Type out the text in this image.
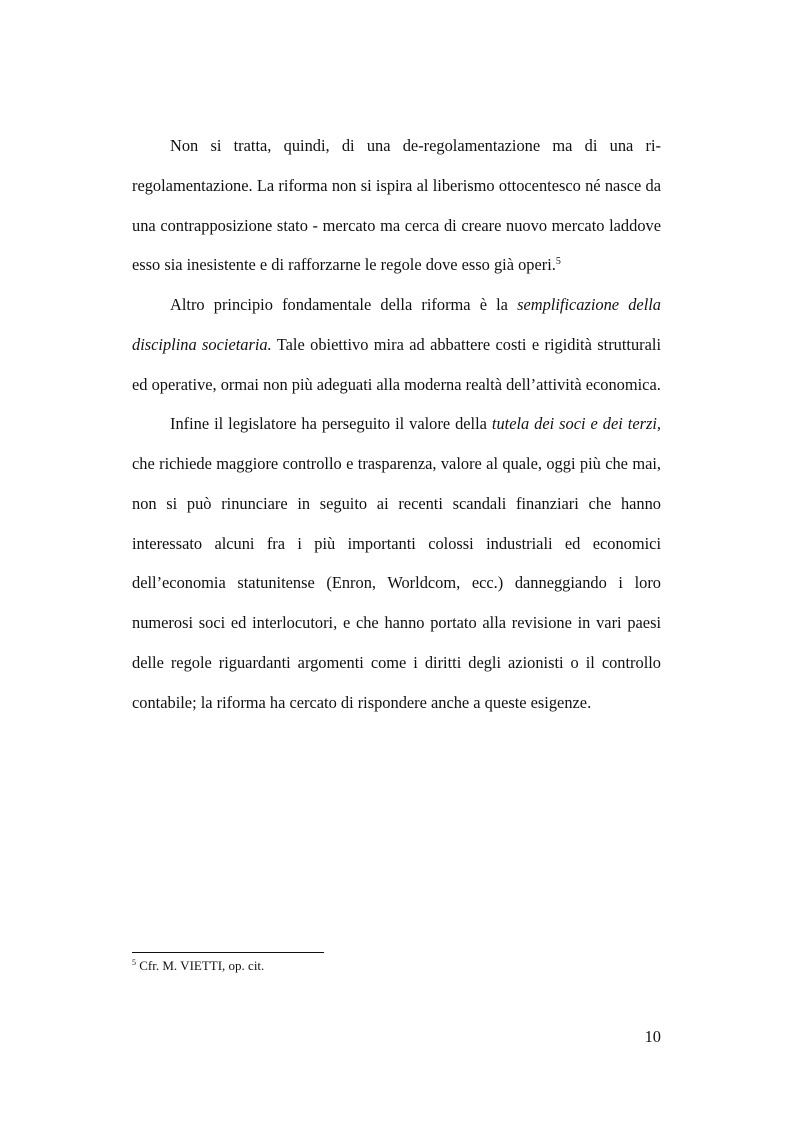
Non si tratta, quindi, di una de-regolamentazione ma di una ri-regolamentazione. La riforma non si ispira al liberismo ottocentesco né nasce da una contrapposizione stato - mercato ma cerca di creare nuovo mercato laddove esso sia inesistente e di rafforzarne le regole dove esso già operi.$^5$

Altro principio fondamentale della riforma è la semplificazione della disciplina societaria. Tale obiettivo mira ad abbattere costi e rigidità strutturali ed operative, ormai non più adeguati alla moderna realtà dell’attività economica.

Infine il legislatore ha perseguito il valore della tutela dei soci e dei terzi, che richiede maggiore controllo e trasparenza, valore al quale, oggi più che mai, non si può rinunciare in seguito ai recenti scandali finanziari che hanno interessato alcuni fra i più importanti colossi industriali ed economici dell’economia statunitense (Enron, Worldcom, ecc.) danneggiando i loro numerosi soci ed interlocutori, e che hanno portato alla revisione in vari paesi delle regole riguardanti argomenti come i diritti degli azionisti o il controllo contabile; la riforma ha cercato di rispondere anche a queste esigenze.

$^5$ Cfr. M. VIETTI, op. cit.
10
